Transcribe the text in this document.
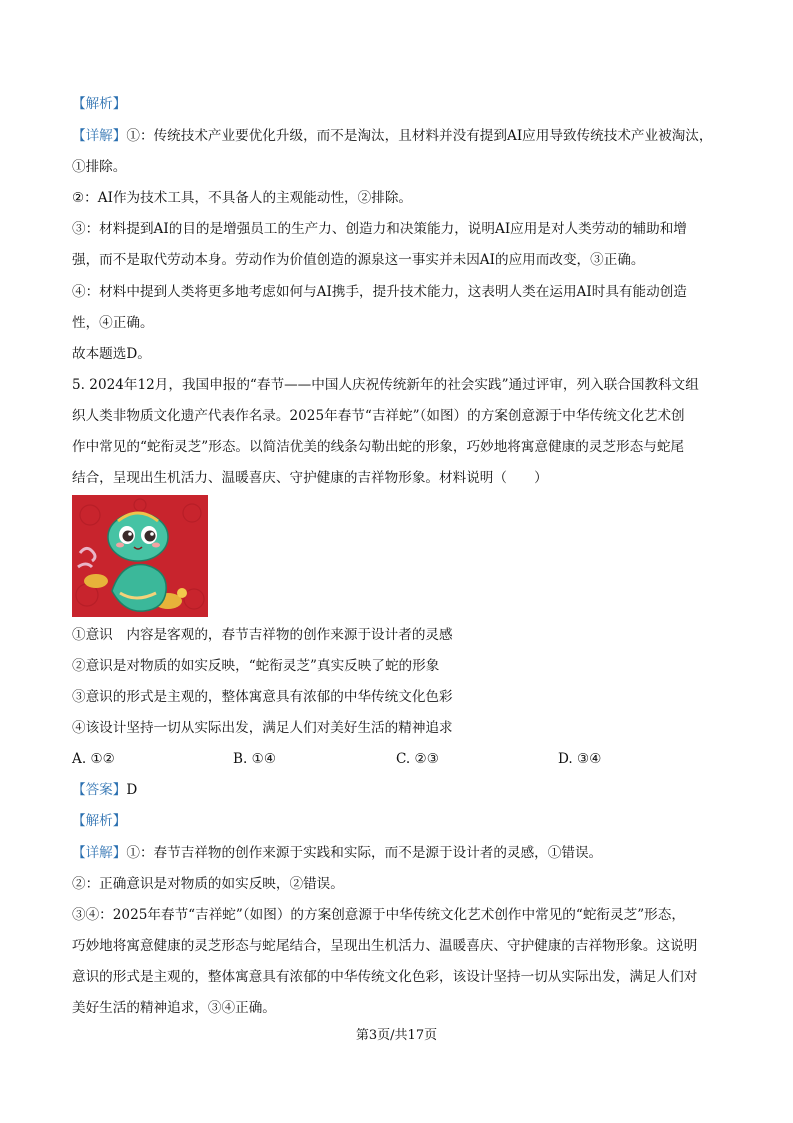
【解析】
【详解】①：传统技术产业要优化升级，而不是淘汰，且材料并没有提到AI应用导致传统技术产业被淘汰，
①排除。
②：AI作为技术工具，不具备人的主观能动性，②排除。
③：材料提到AI的目的是增强员工的生产力、创造力和决策能力，说明AI应用是对人类劳动的辅助和增
强，而不是取代劳动本身。劳动作为价值创造的源泉这一事实并未因AI的应用而改变，③正确。
④：材料中提到人类将更多地考虑如何与AI携手，提升技术能力，这表明人类在运用AI时具有能动创造
性，④正确。
故本题选D。
5. 2024年12月，我国申报的“春节——中国人庆祝传统新年的社会实践”通过评审，列入联合国教科文组
织人类非物质文化遗产代表作名录。2025年春节“吉祥蛇”（如图）的方案创意源于中华传统文化艺术创
作中常见的“蛇衔灵芝”形态。以简洁优美的线条勾勒出蛇的形象，巧妙地将寓意健康的灵芝形态与蛇尾
结合，呈现出生机活力、温暖喜庆、守护健康的吉祥物形象。材料说明（　　）
①意识　内容是客观的，春节吉祥物的创作来源于设计者的灵感
②意识是对物质的如实反映，“蛇衔灵芝”真实反映了蛇的形象
③意识的形式是主观的，整体寓意具有浓郁的中华传统文化色彩
④该设计坚持一切从实际出发，满足人们对美好生活的精神追求
A. ①②	B. ①④	C. ②③	D. ③④
【答案】D
【解析】
【详解】①：春节吉祥物的创作来源于实践和实际，而不是源于设计者的灵感，①错误。
②：正确意识是对物质的如实反映，②错误。
③④：2025年春节“吉祥蛇”（如图）的方案创意源于中华传统文化艺术创作中常见的“蛇衔灵芝”形态，
巧妙地将寓意健康的灵芝形态与蛇尾结合，呈现出生机活力、温暖喜庆、守护健康的吉祥物形象。这说明
意识的形式是主观的，整体寓意具有浓郁的中华传统文化色彩，该设计坚持一切从实际出发，满足人们对
美好生活的精神追求，③④正确。
第3页/共17页
